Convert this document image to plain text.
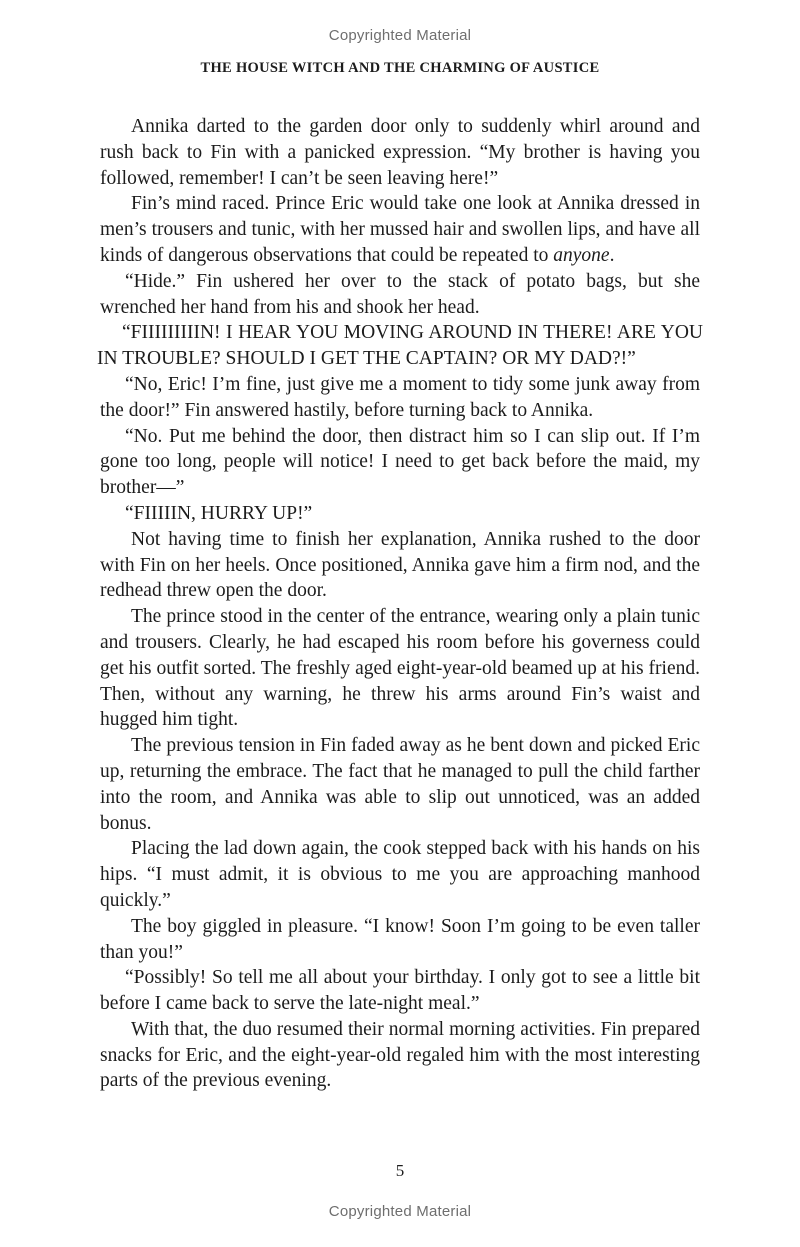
Copyrighted Material
THE HOUSE WITCH AND THE CHARMING OF AUSTICE

Annika darted to the garden door only to suddenly whirl around and rush back to Fin with a panicked expression. “My brother is having you followed, remember! I can’t be seen leaving here!”

Fin’s mind raced. Prince Eric would take one look at Annika dressed in men’s trousers and tunic, with her mussed hair and swollen lips, and have all kinds of dangerous observations that could be repeated to anyone.

“Hide.” Fin ushered her over to the stack of potato bags, but she wrenched her hand from his and shook her head.

“FIIIIIIIIIN! I HEAR YOU MOVING AROUND IN THERE! ARE YOU IN TROUBLE? SHOULD I GET THE CAPTAIN? OR MY DAD?!”

“No, Eric! I’m fine, just give me a moment to tidy some junk away from the door!” Fin answered hastily, before turning back to Annika.

“No. Put me behind the door, then distract him so I can slip out. If I’m gone too long, people will notice! I need to get back before the maid, my brother—”

“FIIIIIN, HURRY UP!”

Not having time to finish her explanation, Annika rushed to the door with Fin on her heels. Once positioned, Annika gave him a firm nod, and the redhead threw open the door.

The prince stood in the center of the entrance, wearing only a plain tunic and trousers. Clearly, he had escaped his room before his governess could get his outfit sorted. The freshly aged eight-year-old beamed up at his friend. Then, without any warning, he threw his arms around Fin’s waist and hugged him tight.

The previous tension in Fin faded away as he bent down and picked Eric up, returning the embrace. The fact that he managed to pull the child farther into the room, and Annika was able to slip out unnoticed, was an added bonus.

Placing the lad down again, the cook stepped back with his hands on his hips. “I must admit, it is obvious to me you are approaching manhood quickly.”

The boy giggled in pleasure. “I know! Soon I’m going to be even taller than you!”

“Possibly! So tell me all about your birthday. I only got to see a little bit before I came back to serve the late-night meal.”

With that, the duo resumed their normal morning activities. Fin prepared snacks for Eric, and the eight-year-old regaled him with the most interesting parts of the previous evening.

5
Copyrighted Material
